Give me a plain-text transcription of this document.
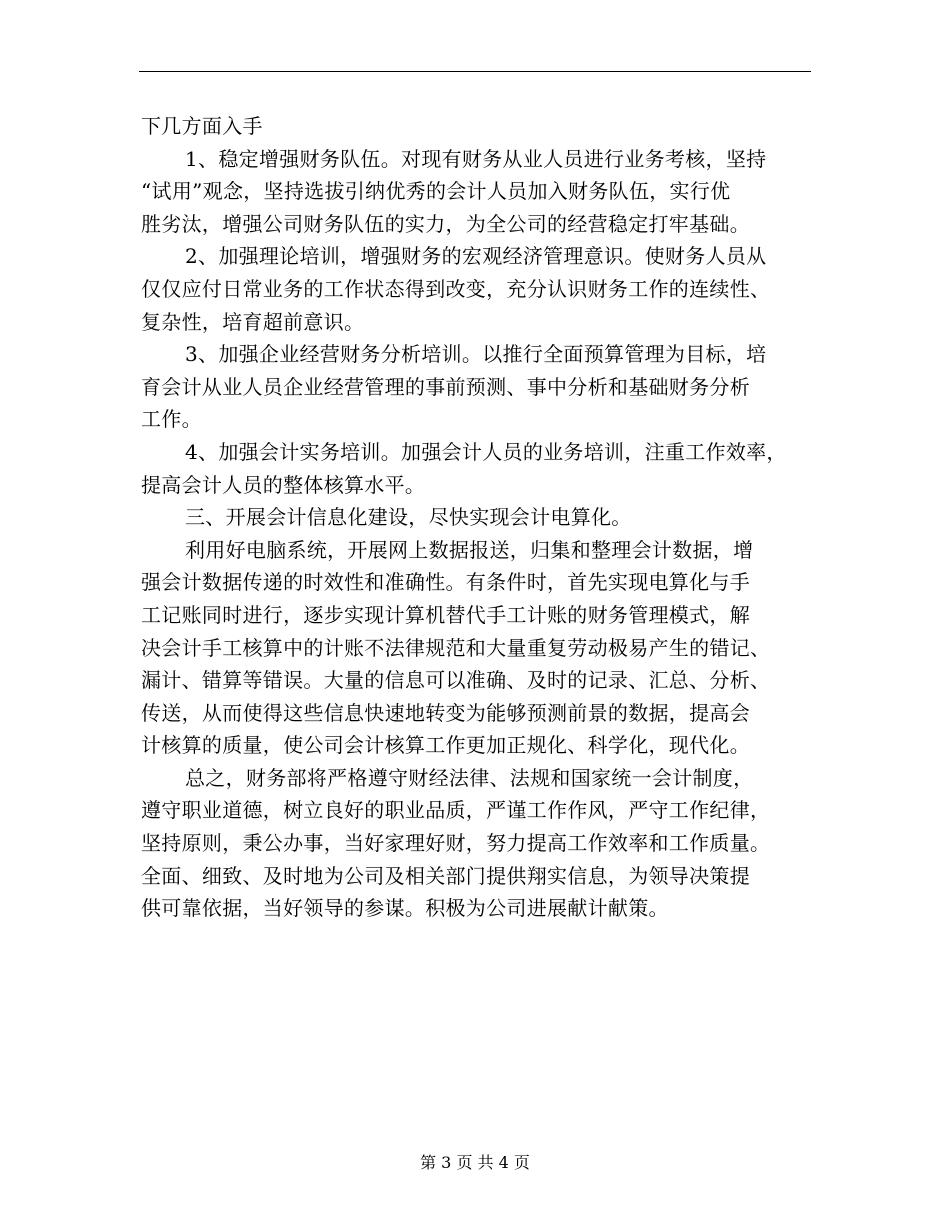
下几方面入手
1、稳定增强财务队伍。对现有财务从业人员进行业务考核，坚持
“试用”观念，坚持选拔引纳优秀的会计人员加入财务队伍，实行优
胜劣汰，增强公司财务队伍的实力，为全公司的经营稳定打牢基础。
2、加强理论培训，增强财务的宏观经济管理意识。使财务人员从
仅仅应付日常业务的工作状态得到改变，充分认识财务工作的连续性、
复杂性，培育超前意识。
3、加强企业经营财务分析培训。以推行全面预算管理为目标，培
育会计从业人员企业经营管理的事前预测、事中分析和基础财务分析
工作。
4、加强会计实务培训。加强会计人员的业务培训，注重工作效率，
提高会计人员的整体核算水平。
三、开展会计信息化建设，尽快实现会计电算化。
利用好电脑系统，开展网上数据报送，归集和整理会计数据，增
强会计数据传递的时效性和准确性。有条件时，首先实现电算化与手
工记账同时进行，逐步实现计算机替代手工计账的财务管理模式，解
决会计手工核算中的计账不法律规范和大量重复劳动极易产生的错记、
漏计、错算等错误。大量的信息可以准确、及时的记录、汇总、分析、
传送，从而使得这些信息快速地转变为能够预测前景的数据，提高会
计核算的质量，使公司会计核算工作更加正规化、科学化，现代化。
总之，财务部将严格遵守财经法律、法规和国家统一会计制度，
遵守职业道德，树立良好的职业品质，严谨工作作风，严守工作纪律，
坚持原则，秉公办事，当好家理好财，努力提高工作效率和工作质量。
全面、细致、及时地为公司及相关部门提供翔实信息，为领导决策提
供可靠依据，当好领导的参谋。积极为公司进展献计献策。
第 3 页 共 4 页
